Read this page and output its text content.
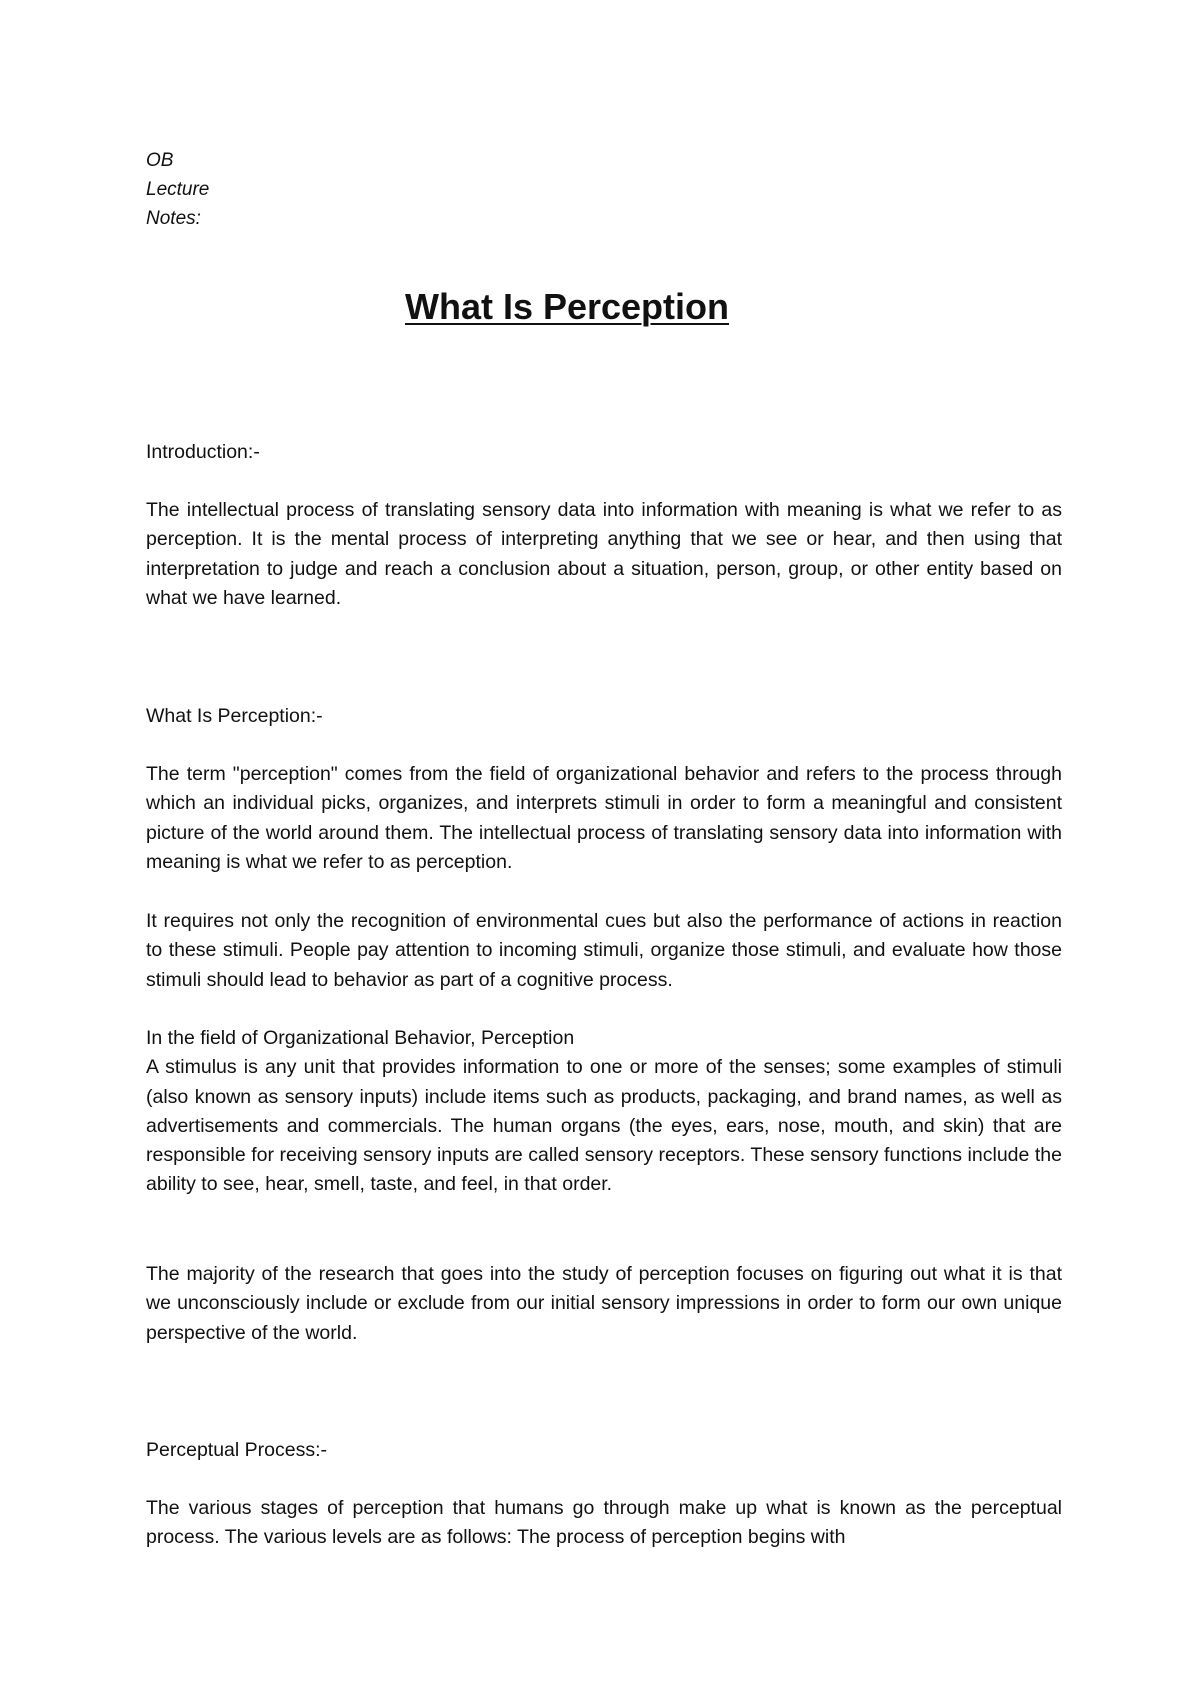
OB
Lecture
Notes:
What Is Perception

Introduction:-

The intellectual process of translating sensory data into information with meaning is what we refer to as perception. It is the mental process of interpreting anything that we see or hear, and then using that interpretation to judge and reach a conclusion about a situation, person, group, or other entity based on what we have learned.

What Is Perception:-

The term "perception" comes from the field of organizational behavior and refers to the process through which an individual picks, organizes, and interprets stimuli in order to form a meaningful and consistent picture of the world around them. The intellectual process of translating sensory data into information with meaning is what we refer to as perception.

It requires not only the recognition of environmental cues but also the performance of actions in reaction to these stimuli. People pay attention to incoming stimuli, organize those stimuli, and evaluate how those stimuli should lead to behavior as part of a cognitive process.

In the field of Organizational Behavior, Perception
A stimulus is any unit that provides information to one or more of the senses; some examples of stimuli (also known as sensory inputs) include items such as products, packaging, and brand names, as well as advertisements and commercials. The human organs (the eyes, ears, nose, mouth, and skin) that are responsible for receiving sensory inputs are called sensory receptors. These sensory functions include the ability to see, hear, smell, taste, and feel, in that order.

The majority of the research that goes into the study of perception focuses on figuring out what it is that we unconsciously include or exclude from our initial sensory impressions in order to form our own unique perspective of the world.

Perceptual Process:-

The various stages of perception that humans go through make up what is known as the perceptual process. The various levels are as follows: The process of perception begins with
